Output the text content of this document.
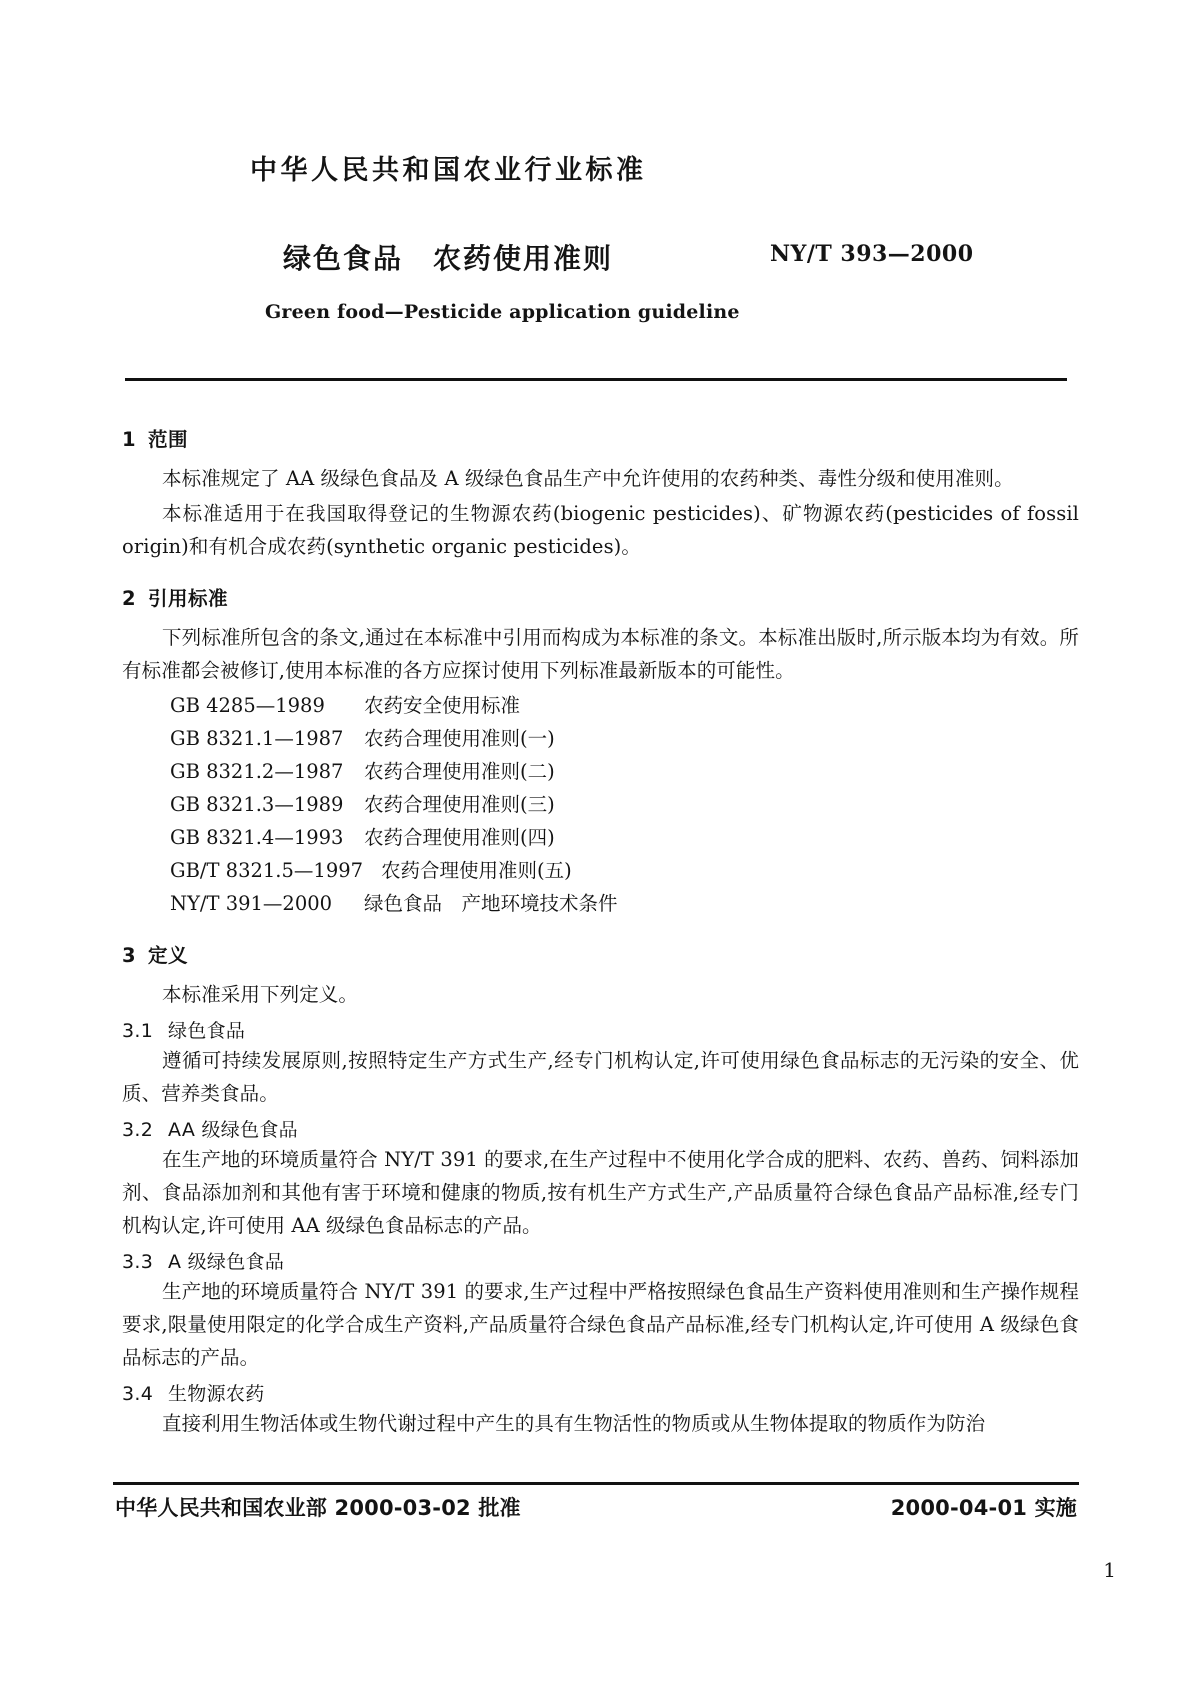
中华人民共和国农业行业标准
绿色食品 农药使用准则	NY/T 393—2000
Green food—Pesticide application guideline
1 范围

本标准规定了 AA 级绿色食品及 A 级绿色食品生产中允许使用的农药种类、毒性分级和使用准则。

本标准适用于在我国取得登记的生物源农药(biogenic pesticides)、矿物源农药(pesticides of fossil origin)和有机合成农药(synthetic organic pesticides)。

2 引用标准

下列标准所包含的条文,通过在本标准中引用而构成为本标准的条文。本标准出版时,所示版本均为有效。所有标准都会被修订,使用本标准的各方应探讨使用下列标准最新版本的可能性。

GB 4285—1989 农药安全使用标准
GB 8321.1—1987 农药合理使用准则(一)
GB 8321.2—1987 农药合理使用准则(二)
GB 8321.3—1989 农药合理使用准则(三)
GB 8321.4—1993 农药合理使用准则(四)
GB/T 8321.5—1997 农药合理使用准则(五)
NY/T 391—2000 绿色食品　产地环境技术条件
3 定义

本标准采用下列定义。

3.1 绿色食品

遵循可持续发展原则,按照特定生产方式生产,经专门机构认定,许可使用绿色食品标志的无污染的安全、优质、营养类食品。

3.2 AA 级绿色食品

在生产地的环境质量符合 NY/T 391 的要求,在生产过程中不使用化学合成的肥料、农药、兽药、饲料添加剂、食品添加剂和其他有害于环境和健康的物质,按有机生产方式生产,产品质量符合绿色食品产品标准,经专门机构认定,许可使用 AA 级绿色食品标志的产品。

3.3 A 级绿色食品

生产地的环境质量符合 NY/T 391 的要求,生产过程中严格按照绿色食品生产资料使用准则和生产操作规程要求,限量使用限定的化学合成生产资料,产品质量符合绿色食品产品标准,经专门机构认定,许可使用 A 级绿色食品标志的产品。

3.4 生物源农药

直接利用生物活体或生物代谢过程中产生的具有生物活性的物质或从生物体提取的物质作为防治

中华人民共和国农业部 2000-03-02 批准	2000-04-01 实施
1
